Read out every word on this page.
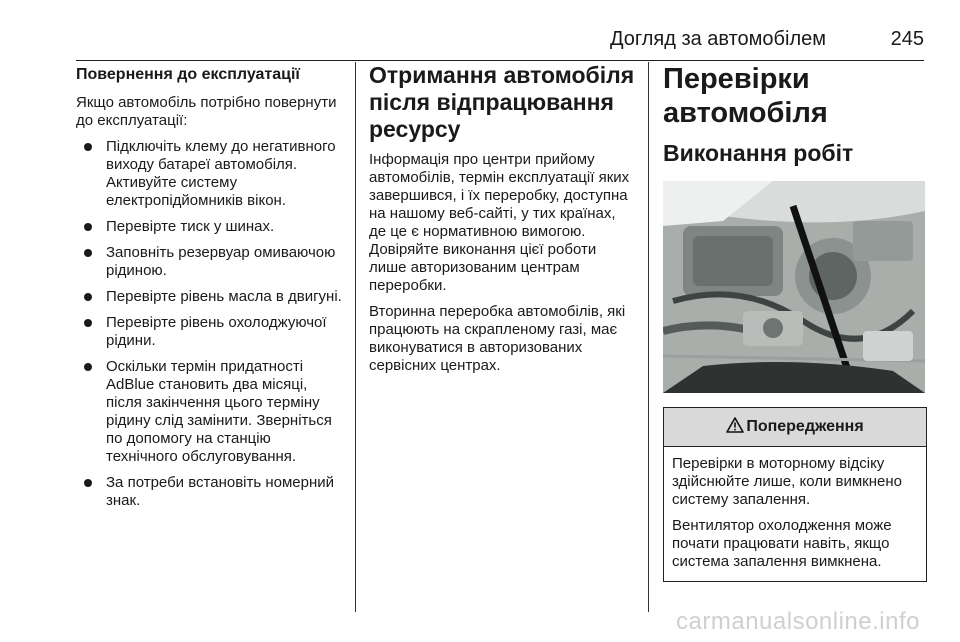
Догляд за автомобілем	245
Повернення до експлуатації

Якщо автомобіль потрібно повернути до експлуатації:

Підключіть клему до негативного виходу батареї автомобіля. Активуйте систему електропідйомників вікон.
Перевірте тиск у шинах.
Заповніть резервуар омиваючою рідиною.
Перевірте рівень масла в двигуні.
Перевірте рівень охолоджуючої рідини.
Оскільки термін придатності AdBlue становить два місяці, після закінчення цього терміну рідину слід замінити. Зверніться по допомогу на станцію технічного обслуговування.
За потреби встановіть номерний знак.
Отримання автомобіля після відпрацювання ресурсу

Інформація про центри прийому автомобілів, термін експлуатації яких завершився, і їх переробку, доступна на нашому веб-сайті, у тих країнах, де це є нормативною вимогою. Довіряйте виконання цієї роботи лише авторизованим центрам переробки.

Вторинна переробка автомобілів, які працюють на скрапленому газі, має виконуватися в авторизованих сервісних центрах.

Перевірки автомобіля
Виконання робіт
Попередження

Перевірки в моторному відсіку здійснюйте лише, коли вимкнено систему запалення.

Вентилятор охолодження може почати працювати навіть, якщо система запалення вимкнена.

carmanualsonline.info
